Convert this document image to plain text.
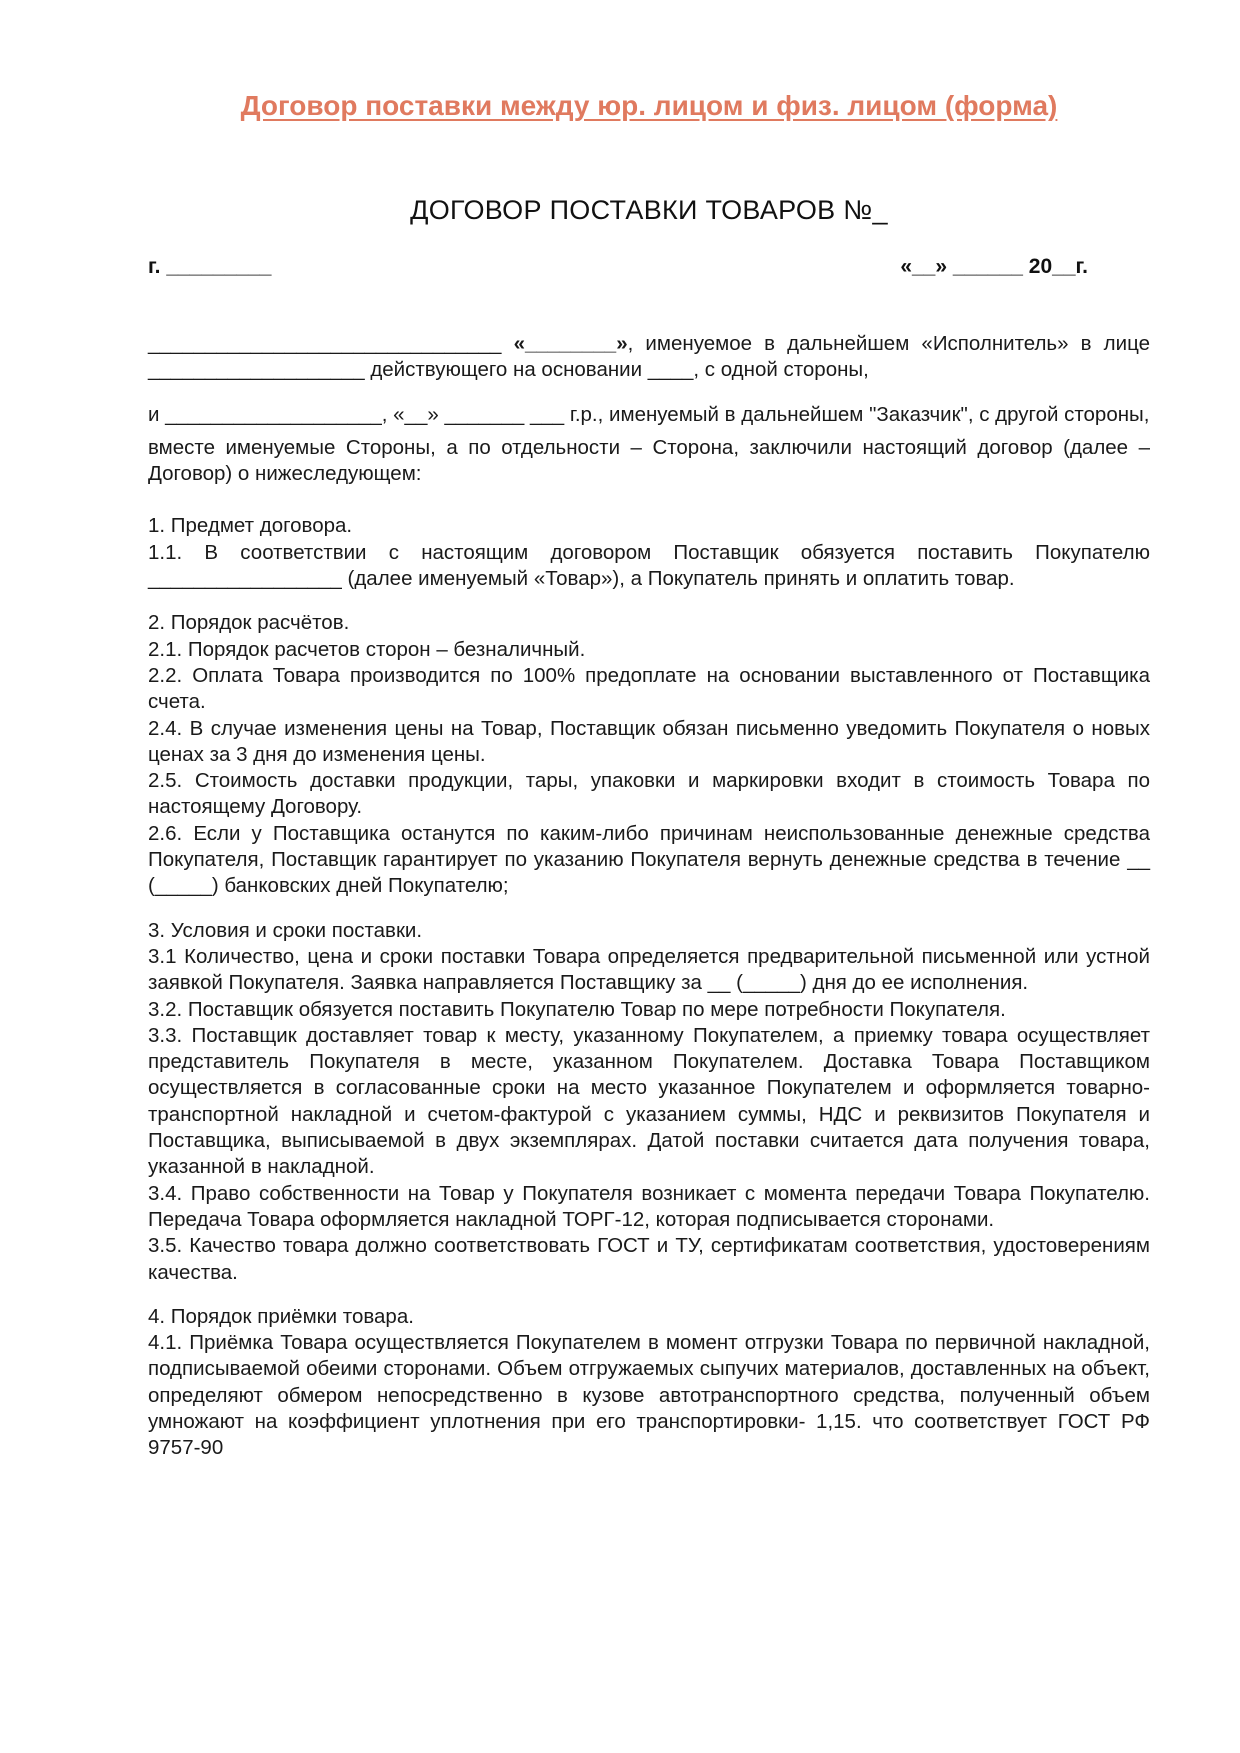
Договор поставки между юр. лицом и физ. лицом (форма)
ДОГОВОР ПОСТАВКИ ТОВАРОВ №_
г. _________	«__» ______ 20__г.

_______________________________ «________», именуемое в дальнейшем «Исполнитель» в лице ___________________ действующего на основании ____, с одной стороны,

и ___________________, «__» _______ ___ г.р., именуемый в дальнейшем "Заказчик", с другой стороны,

вместе именуемые Стороны, а по отдельности – Сторона, заключили настоящий договор (далее – Договор) о нижеследующем:

1. Предмет договора.

1.1. В соответствии с настоящим договором Поставщик обязуется поставить Покупателю _________________ (далее именуемый «Товар»), а Покупатель принять и оплатить товар.

2. Порядок расчётов.

2.1. Порядок расчетов сторон – безналичный.

2.2. Оплата Товара производится по 100% предоплате на основании выставленного от Поставщика счета.

2.4. В случае изменения цены на Товар, Поставщик обязан письменно уведомить Покупателя о новых ценах за 3 дня до изменения цены.

2.5. Стоимость доставки продукции, тары, упаковки и маркировки входит в стоимость Товара по настоящему Договору.

2.6. Если у Поставщика останутся по каким-либо причинам неиспользованные денежные средства Покупателя, Поставщик гарантирует по указанию Покупателя вернуть денежные средства в течение __ (_____) банковских дней Покупателю;

3. Условия и сроки поставки.

3.1 Количество, цена и сроки поставки Товара определяется предварительной письменной или устной заявкой Покупателя. Заявка направляется Поставщику за __ (_____) дня до ее исполнения.

3.2. Поставщик обязуется поставить Покупателю Товар по мере потребности Покупателя.

3.3. Поставщик доставляет товар к месту, указанному Покупателем, а приемку товара осуществляет представитель Покупателя в месте, указанном Покупателем. Доставка Товара Поставщиком осуществляется в согласованные сроки на место указанное Покупателем и оформляется товарно-транспортной накладной и счетом-фактурой с указанием суммы, НДС и реквизитов Покупателя и Поставщика, выписываемой в двух экземплярах. Датой поставки считается дата получения товара, указанной в накладной.

3.4. Право собственности на Товар у Покупателя возникает с момента передачи Товара Покупателю. Передача Товара оформляется накладной ТОРГ-12, которая подписывается сторонами.

3.5. Качество товара должно соответствовать ГОСТ и ТУ, сертификатам соответствия, удостоверениям качества.

4. Порядок приёмки товара.

4.1. Приёмка Товара осуществляется Покупателем в момент отгрузки Товара по первичной накладной, подписываемой обеими сторонами. Объем отгружаемых сыпучих материалов, доставленных на объект, определяют обмером непосредственно в кузове автотранспортного средства, полученный объем умножают на коэффициент уплотнения при его транспортировки- 1,15. что соответствует ГОСТ РФ 9757-90
